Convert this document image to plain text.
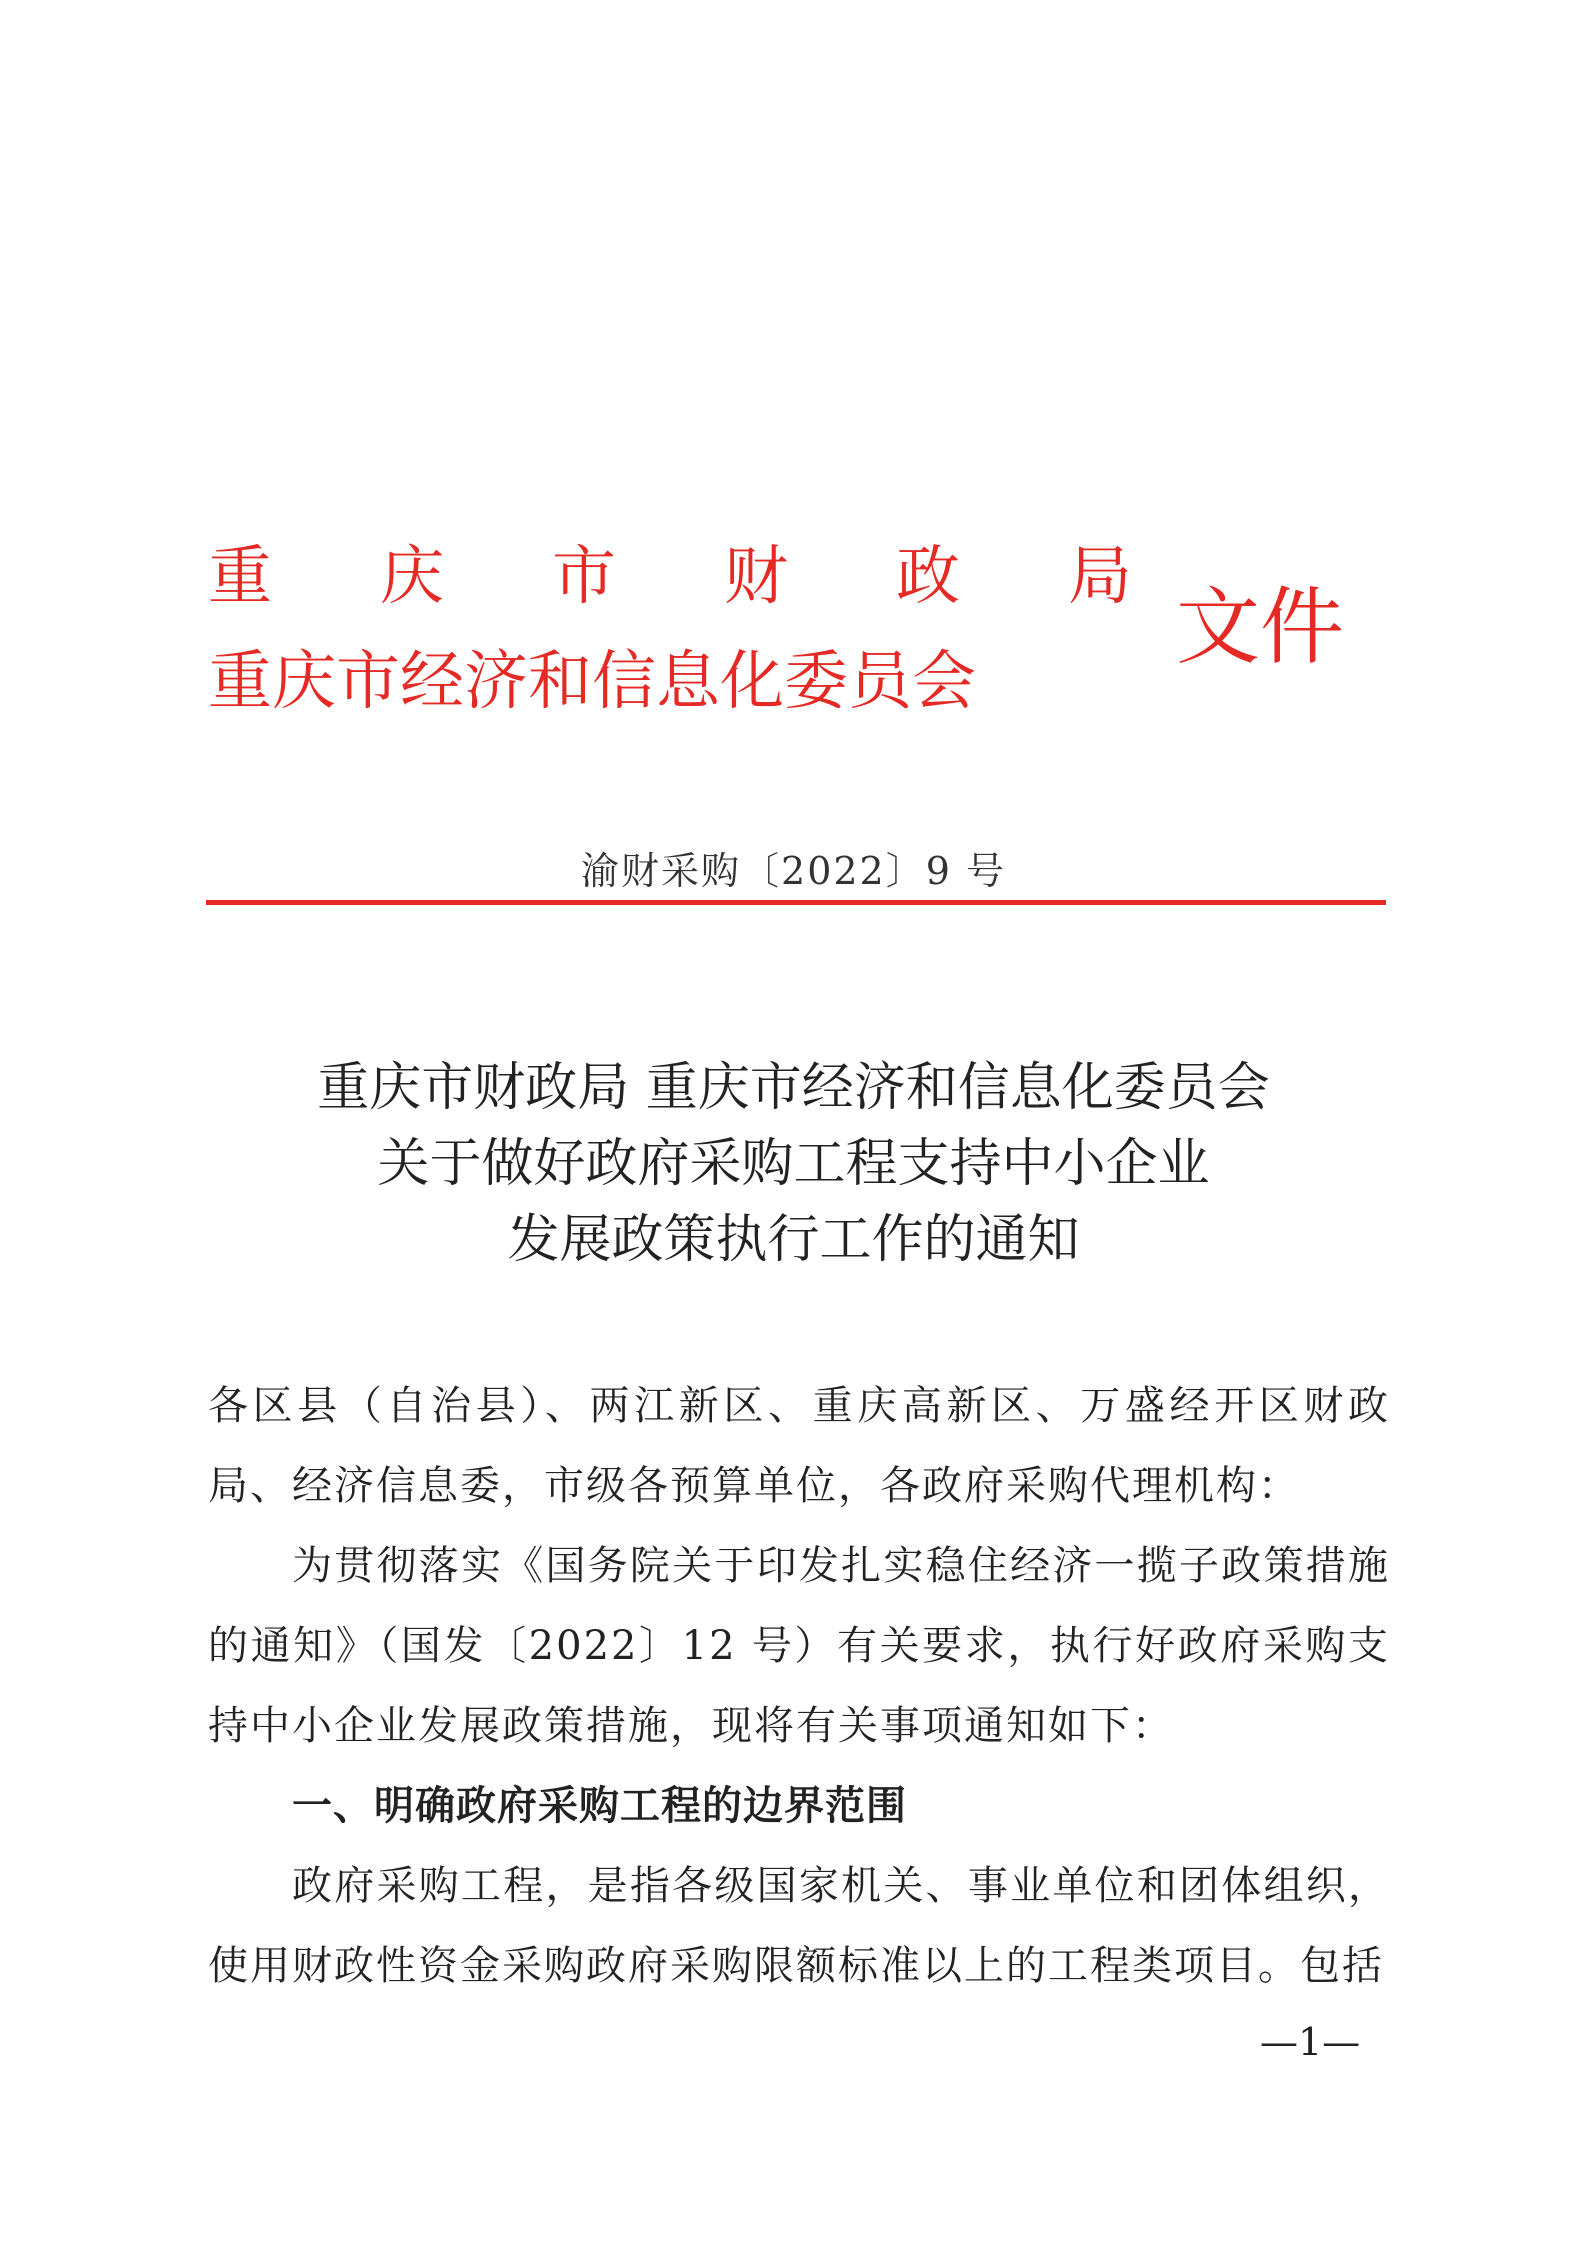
重 庆 市 财 政 局
重庆市经济和信息化委员会
文件
渝财采购〔2022〕9 号
重庆市财政局 重庆市经济和信息化委员会
关于做好政府采购工程支持中小企业
发展政策执行工作的通知

各区县（自治县）、两江新区、重庆高新区、万盛经开区财政局、经济信息委，市级各预算单位，各政府采购代理机构：

为贯彻落实《国务院关于印发扎实稳住经济一揽子政策措施的通知》（国发〔2022〕12 号）有关要求，执行好政府采购支持中小企业发展政策措施，现将有关事项通知如下：

一、明确政府采购工程的边界范围

政府采购工程，是指各级国家机关、事业单位和团体组织，使用财政性资金采购政府采购限额标准以上的工程类项目。包括

—1—
